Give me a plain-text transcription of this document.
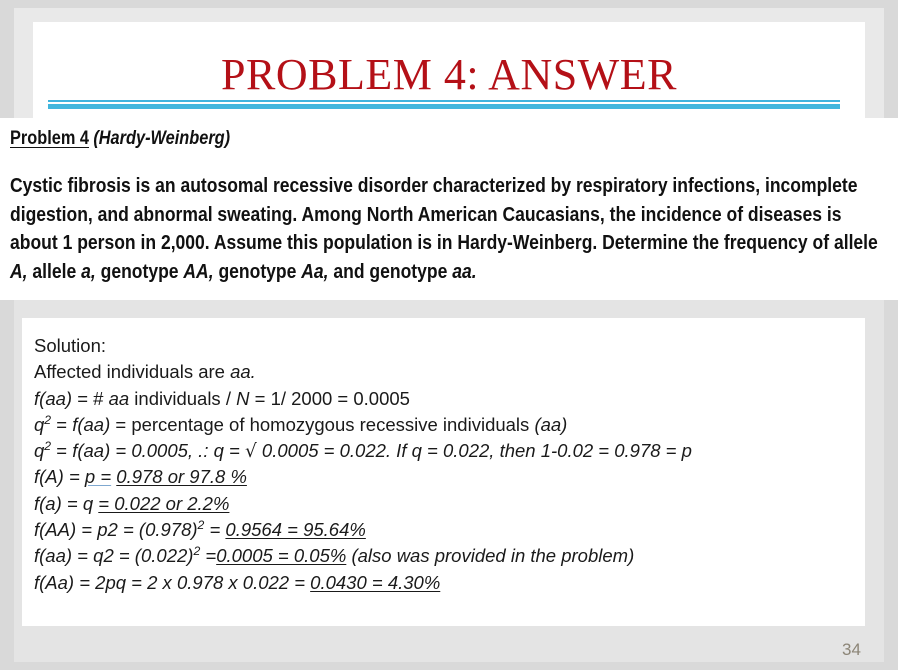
PROBLEM 4: ANSWER
Problem 4 (Hardy-Weinberg)
Cystic fibrosis is an autosomal recessive disorder characterized by respiratory infections, incomplete digestion, and abnormal sweating. Among North American Caucasians, the incidence of diseases is about 1 person in 2,000. Assume this population is in Hardy-Weinberg. Determine the frequency of allele A, allele a, genotype AA, genotype Aa, and genotype aa.
Solution:
Affected individuals are aa.
f(aa) = # aa individuals / N = 1/ 2000 = 0.0005
$q^2 = f(aa)$ = percentage of homozygous recessive individuals (aa)
$q^2 = f(aa) = 0.0005$, .: q = √ 0.0005 = 0.022. If q = 0.022, then 1-0.02 = 0.978 = p
f(A) = p = 0.978 or 97.8 %
f(a) = q = 0.022 or 2.2%
$f(AA) = p2 = (0.978)^2 = 0.9564 = 95.64\%$
$f(aa) = q2 = (0.022)^2 =0.0005 = 0.05\%$ (also was provided in the problem)
f(Aa) = 2pq = 2 x 0.978 x 0.022 = 0.0430 = 4.30%
34
